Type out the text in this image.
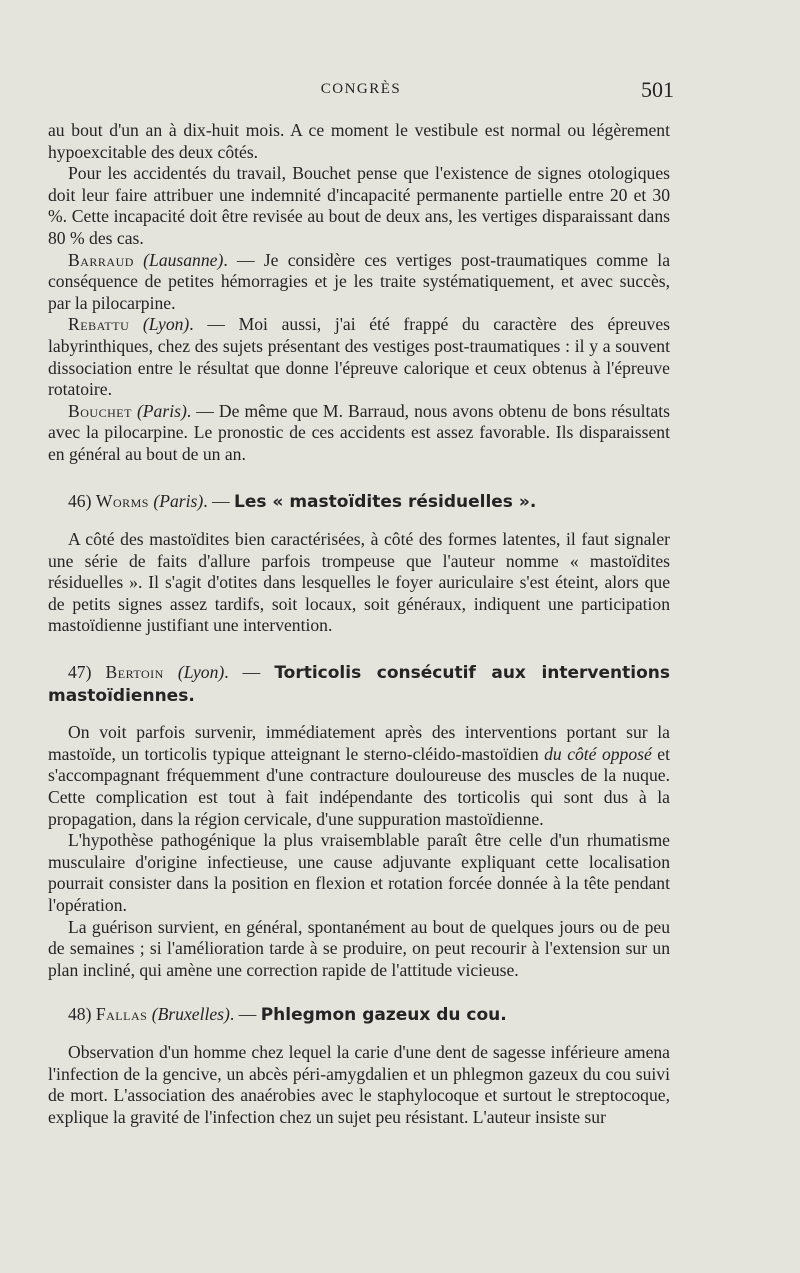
CONGRÈS	501

au bout d'un an à dix-huit mois. A ce moment le vestibule est normal ou légèrement hypoexcitable des deux côtés.

Pour les accidentés du travail, Bouchet pense que l'existence de signes otologiques doit leur faire attribuer une indemnité d'incapacité permanente partielle entre 20 et 30 %. Cette incapacité doit être revisée au bout de deux ans, les vertiges disparaissant dans 80 % des cas.

Barraud (Lausanne). — Je considère ces vertiges post-traumatiques comme la conséquence de petites hémorragies et je les traite systématiquement, et avec succès, par la pilocarpine.

Rebattu (Lyon). — Moi aussi, j'ai été frappé du caractère des épreuves labyrinthiques, chez des sujets présentant des vestiges post-traumatiques : il y a souvent dissociation entre le résultat que donne l'épreuve calorique et ceux obtenus à l'épreuve rotatoire.

Bouchet (Paris). — De même que M. Barraud, nous avons obtenu de bons résultats avec la pilocarpine. Le pronostic de ces accidents est assez favorable. Ils disparaissent en général au bout de un an.

46) Worms (Paris). — Les « mastoïdites résiduelles ».

A côté des mastoïdites bien caractérisées, à côté des formes latentes, il faut signaler une série de faits d'allure parfois trompeuse que l'auteur nomme « mastoïdites résiduelles ». Il s'agit d'otites dans lesquelles le foyer auriculaire s'est éteint, alors que de petits signes assez tardifs, soit locaux, soit généraux, indiquent une participation mastoïdienne justifiant une intervention.

47) Bertoin (Lyon). — Torticolis consécutif aux interventions mastoïdiennes.

On voit parfois survenir, immédiatement après des interventions portant sur la mastoïde, un torticolis typique atteignant le sterno-cléido-mastoïdien du côté opposé et s'accompagnant fréquemment d'une contracture douloureuse des muscles de la nuque. Cette complication est tout à fait indépendante des torticolis qui sont dus à la propagation, dans la région cervicale, d'une suppuration mastoïdienne.

L'hypothèse pathogénique la plus vraisemblable paraît être celle d'un rhumatisme musculaire d'origine infectieuse, une cause adjuvante expliquant cette localisation pourrait consister dans la position en flexion et rotation forcée donnée à la tête pendant l'opération.

La guérison survient, en général, spontanément au bout de quelques jours ou de peu de semaines ; si l'amélioration tarde à se produire, on peut recourir à l'extension sur un plan incliné, qui amène une correction rapide de l'attitude vicieuse.

48) Fallas (Bruxelles). — Phlegmon gazeux du cou.

Observation d'un homme chez lequel la carie d'une dent de sagesse inférieure amena l'infection de la gencive, un abcès péri-amygdalien et un phlegmon gazeux du cou suivi de mort. L'association des anaérobies avec le staphylocoque et surtout le streptocoque, explique la gravité de l'infection chez un sujet peu résistant. L'auteur insiste sur
